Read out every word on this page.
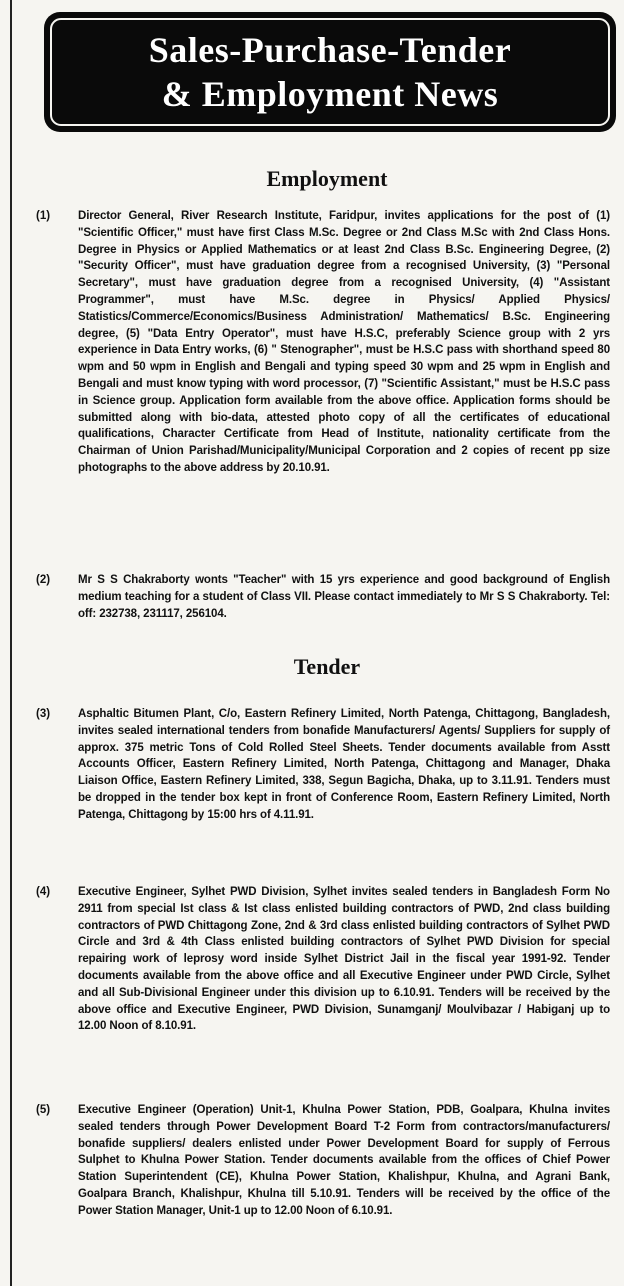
Sales-Purchase-Tender
& Employment News
Employment
(1)	Director General, River Research Institute, Faridpur, invites applications for the post of (1) "Scientific Officer," must have first Class M.Sc. Degree or 2nd Class M.Sc with 2nd Class Hons. Degree in Physics or Applied Mathematics or at least 2nd Class B.Sc. Engineering Degree, (2) "Security Officer", must have graduation degree from a recognised University, (3) "Personal Secretary", must have graduation degree from a recognised University, (4) "Assistant Programmer", must have M.Sc. degree in Physics/ Applied Physics/ Statistics/Commerce/Economics/Business Administration/ Mathematics/ B.Sc. Engineering degree, (5) "Data Entry Operator", must have H.S.C, preferably Science group with 2 yrs experience in Data Entry works, (6) " Stenographer", must be H.S.C pass with shorthand speed 80 wpm and 50 wpm in English and Bengali and typing speed 30 wpm and 25 wpm in English and Bengali and must know typing with word processor, (7) "Scientific Assistant," must be H.S.C pass in Science group. Application form available from the above office. Application forms should be submitted along with bio-data, attested photo copy of all the certificates of educational qualifications, Character Certificate from Head of Institute, nationality certificate from the Chairman of Union Parishad/Municipality/Municipal Corporation and 2 copies of recent pp size photographs to the above address by 20.10.91.
(2)	Mr S S Chakraborty wonts "Teacher" with 15 yrs experience and good background of English medium teaching for a student of Class VII. Please contact immediately to Mr S S Chakraborty. Tel: off: 232738, 231117, 256104.
Tender
(3)	Asphaltic Bitumen Plant, C/o, Eastern Refinery Limited, North Patenga, Chittagong, Bangladesh, invites sealed international tenders from bonafide Manufacturers/ Agents/ Suppliers for supply of approx. 375 metric Tons of Cold Rolled Steel Sheets. Tender documents available from Asstt Accounts Officer, Eastern Refinery Limited, North Patenga, Chittagong and Manager, Dhaka Liaison Office, Eastern Refinery Limited, 338, Segun Bagicha, Dhaka, up to 3.11.91. Tenders must be dropped in the tender box kept in front of Conference Room, Eastern Refinery Limited, North Patenga, Chittagong by 15:00 hrs of 4.11.91.
(4)	Executive Engineer, Sylhet PWD Division, Sylhet invites sealed tenders in Bangladesh Form No 2911 from special Ist class & Ist class enlisted building contractors of PWD, 2nd class building contractors of PWD Chittagong Zone, 2nd & 3rd class enlisted building contractors of Sylhet PWD Circle and 3rd & 4th Class enlisted building contractors of Sylhet PWD Division for special repairing work of leprosy word inside Sylhet District Jail in the fiscal year 1991-92. Tender documents available from the above office and all Executive Engineer under PWD Circle, Sylhet and all Sub-Divisional Engineer under this division up to 6.10.91. Tenders will be received by the above office and Executive Engineer, PWD Division, Sunamganj/ Moulvibazar / Habiganj up to 12.00 Noon of 8.10.91.
(5)	Executive Engineer (Operation) Unit-1, Khulna Power Station, PDB, Goalpara, Khulna invites sealed tenders through Power Development Board T-2 Form from contractors/manufacturers/ bonafide suppliers/ dealers enlisted under Power Development Board for supply of Ferrous Sulphet to Khulna Power Station. Tender documents available from the offices of Chief Power Station Superintendent (CE), Khulna Power Station, Khalishpur, Khulna, and Agrani Bank, Goalpara Branch, Khalishpur, Khulna till 5.10.91. Tenders will be received by the office of the Power Station Manager, Unit-1 up to 12.00 Noon of 6.10.91.
